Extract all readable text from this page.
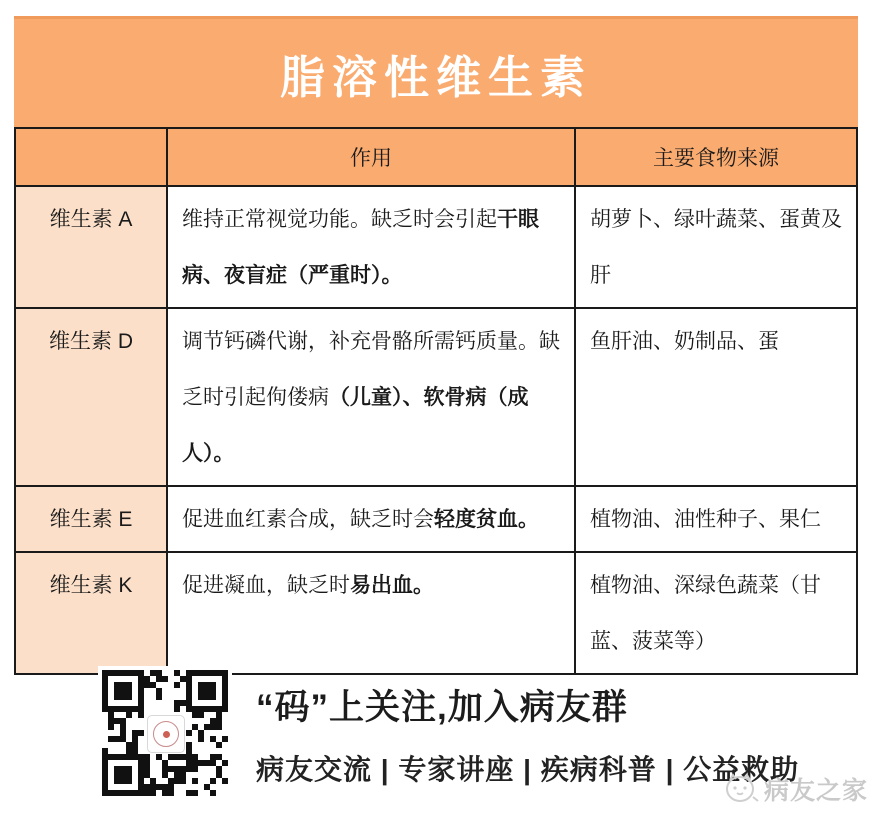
脂溶性维生素
	作用	主要食物来源
维生素 A	维持正常视觉功能。缺乏时会引起干眼病、夜盲症（严重时）。	胡萝卜、绿叶蔬菜、蛋黄及肝
维生素 D	调节钙磷代谢，补充骨骼所需钙质量。缺乏时引起佝偻病（儿童）、软骨病（成人）。	鱼肝油、奶制品、蛋
维生素 E	促进血红素合成，缺乏时会轻度贫血。	植物油、油性种子、果仁
维生素 K	促进凝血，缺乏时易出血。	植物油、深绿色蔬菜（甘蓝、菠菜等）
“码”上关注,加入病友群
病友交流 | 专家讲座 | 疾病科普 | 公益救助
病友之家
